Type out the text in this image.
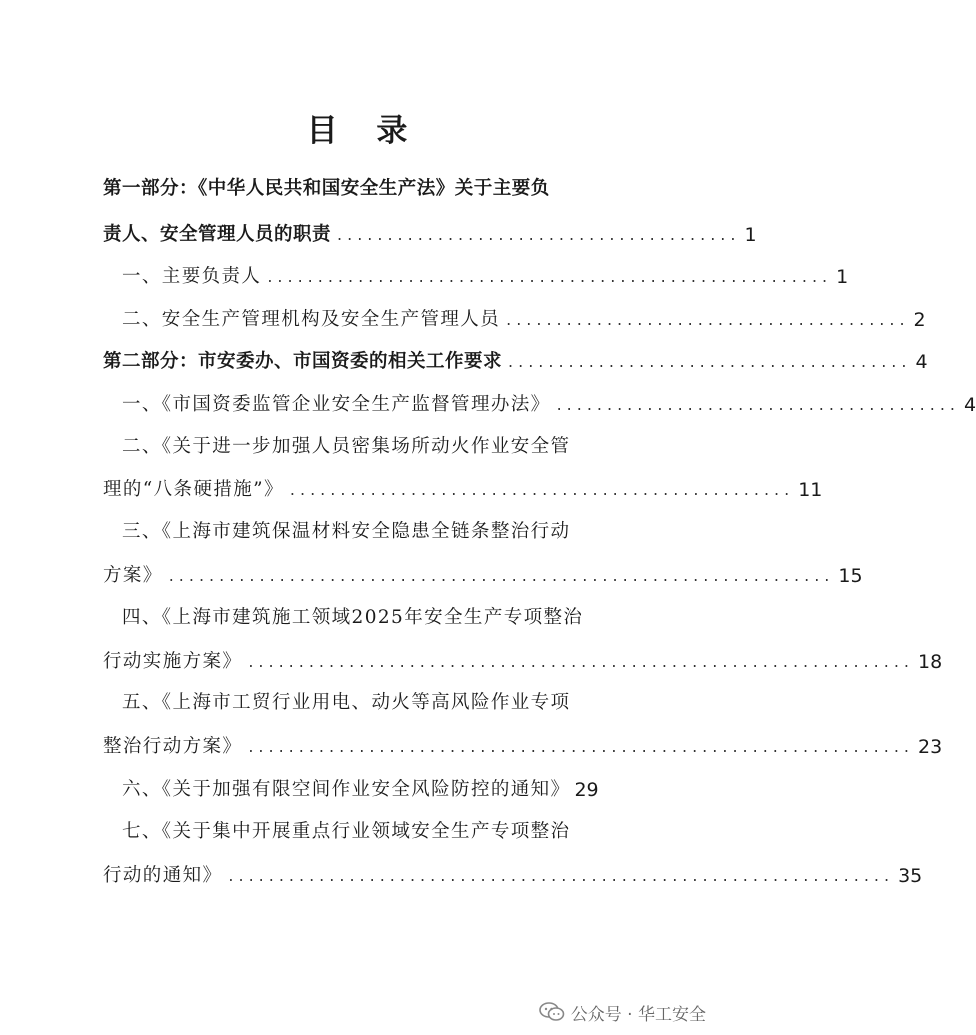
目 录
第一部分：《中华人民共和国安全生产法》关于主要负
责人、安全管理人员的职责 ........................................ 1
一、主要负责人 ........................................................ 1
二、安全生产管理机构及安全生产管理人员 ........................................ 2
第二部分：市安委办、市国资委的相关工作要求 ........................................ 4
一、《市国资委监管企业安全生产监督管理办法》 ........................................ 4
二、《关于进一步加强人员密集场所动火作业安全管
理的“八条硬措施”》 .................................................. 11
三、《上海市建筑保温材料安全隐患全链条整治行动
方案》 .................................................................. 15
四、《上海市建筑施工领域2025年安全生产专项整治
行动实施方案》 .................................................................. 18
五、《上海市工贸行业用电、动火等高风险作业专项
整治行动方案》 .................................................................. 23
六、《关于加强有限空间作业安全风险防控的通知》 29
七、《关于集中开展重点行业领域安全生产专项整治
行动的通知》 .................................................................. 35
公众号 · 华工安全
